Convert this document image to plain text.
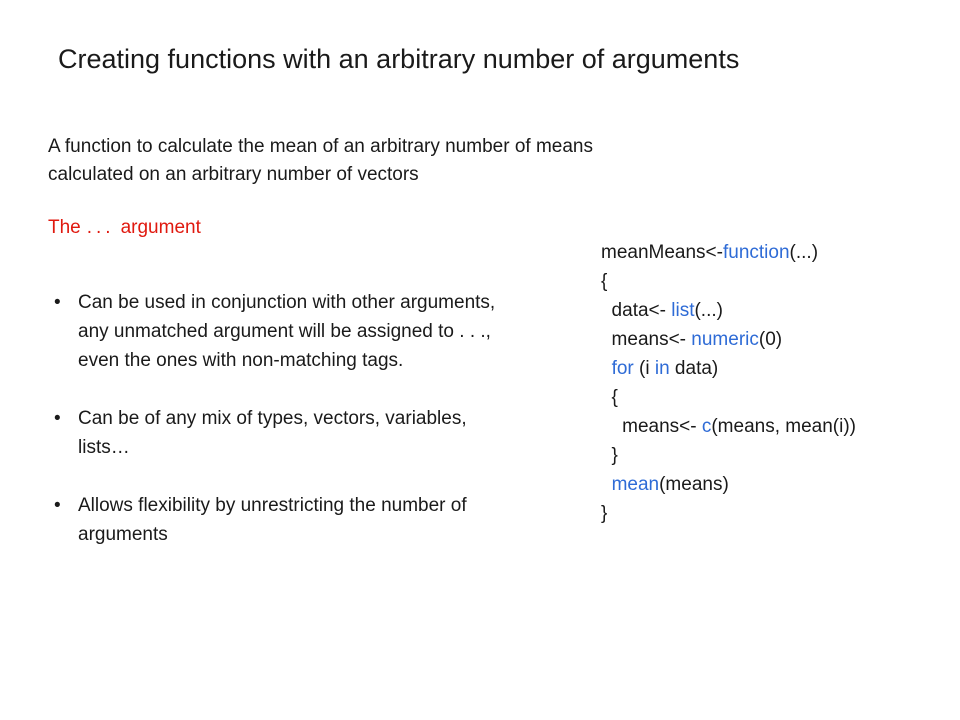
Creating functions with an arbitrary number of arguments
A function to calculate the mean of an arbitrary number of means
calculated on an arbitrary number of vectors
The ... argument
• Can be used in conjunction with other arguments,
any unmatched argument will be assigned to . . .,
even the ones with non-matching tags.
• Can be of any mix of types, vectors, variables,
lists…
• Allows flexibility by unrestricting the number of
arguments
meanMeans<-function(...)
{
data<- list(...)
means<- numeric(0)
for (i in data)
{
means<- c(means, mean(i))
}
mean(means)
}
